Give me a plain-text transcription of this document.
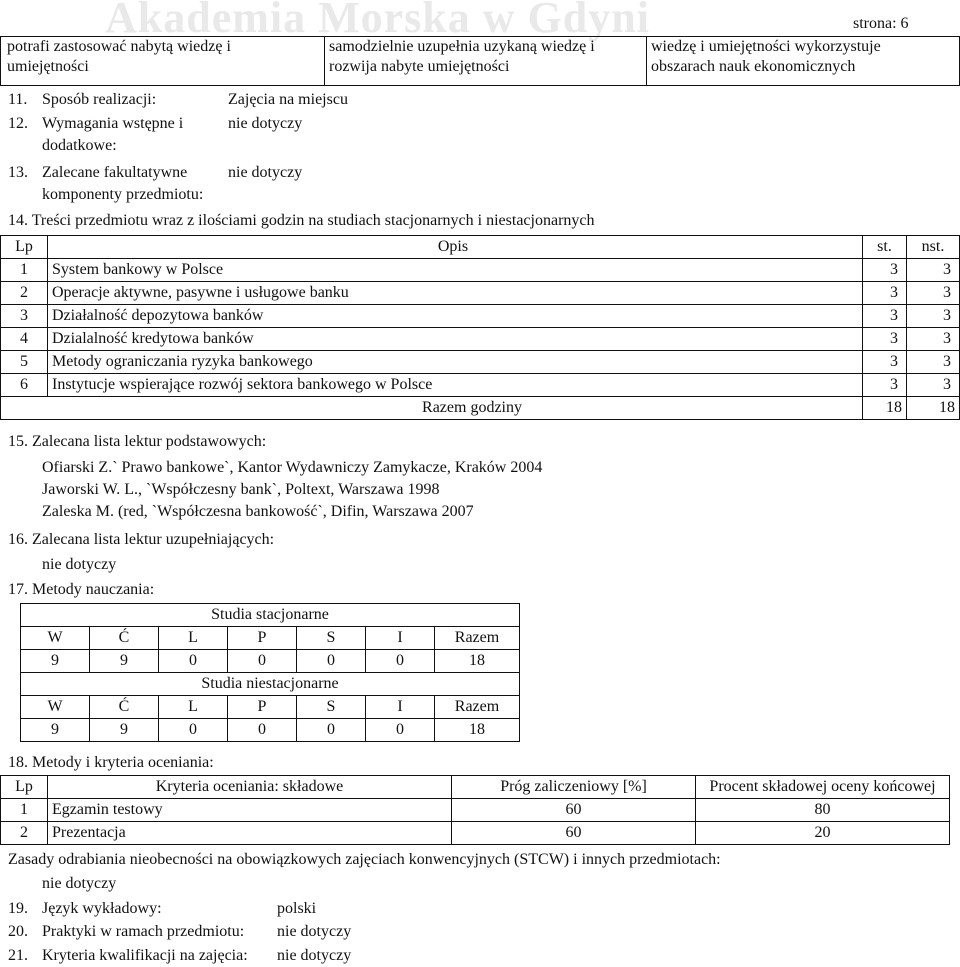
Akademia Morska w Gdyni	strona: 6
potrafi zastosować nabytą wiedzę i
umiejętności

samodzielnie uzupełnia uzykaną wiedzę i
rozwija nabyte umiejętności

wiedzę i umiejętności wykorzystuje
obszarach nauk ekonomicznych
11. Sposób realizacji:	Zajęcia na miejscu
12. Wymagania wstępne i
dodatkowe:
nie dotyczy
13. Zalecane fakultatywne
komponenty przedmiotu:
nie dotyczy
14. Treści przedmiotu wraz z ilościami godzin na studiach stacjonarnych i niestacjonarnych
Lp	Opis	st.	nst.
1	System bankowy w Polsce	3	3
2	Operacje aktywne, pasywne i usługowe banku	3	3
3	Działalność depozytowa banków	3	3
4	Dzialalność kredytowa banków	3	3
5	Metody ograniczania ryzyka bankowego	3	3
6	Instytucje wspierające rozwój sektora bankowego w Polsce	3	3
Razem godziny		18	18
15. Zalecana lista lektur podstawowych:
Ofiarski Z.` Prawo bankowe`, Kantor Wydawniczy Zamykacze, Kraków 2004
Jaworski W. L., `Współczesny bank`, Poltext, Warszawa 1998
Zaleska M. (red, `Współczesna bankowość`, Difin, Warszawa 2007
16. Zalecana lista lektur uzupełniających:
nie dotyczy
17. Metody nauczania:
Studia stacjonarne						
W	Ć	L	P	S	I	Razem
9	9	0	0	0	0	18
Studia niestacjonarne						
W	Ć	L	P	S	I	Razem
9	9	0	0	0	0	18
18. Metody i kryteria oceniania:
Lp	Kryteria oceniania: składowe	Próg zaliczeniowy [%]	Procent składowej oceny końcowej
1	Egzamin testowy	60	80
2	Prezentacja	60	20
Zasady odrabiania nieobecności na obowiązkowych zajęciach konwencyjnych (STCW) i innych przedmiotach:
nie dotyczy
19. Język wykładowy:	polski
20. Praktyki w ramach przedmiotu: nie dotyczy
21. Kryteria kwalifikacji na zajęcia: nie dotyczy
